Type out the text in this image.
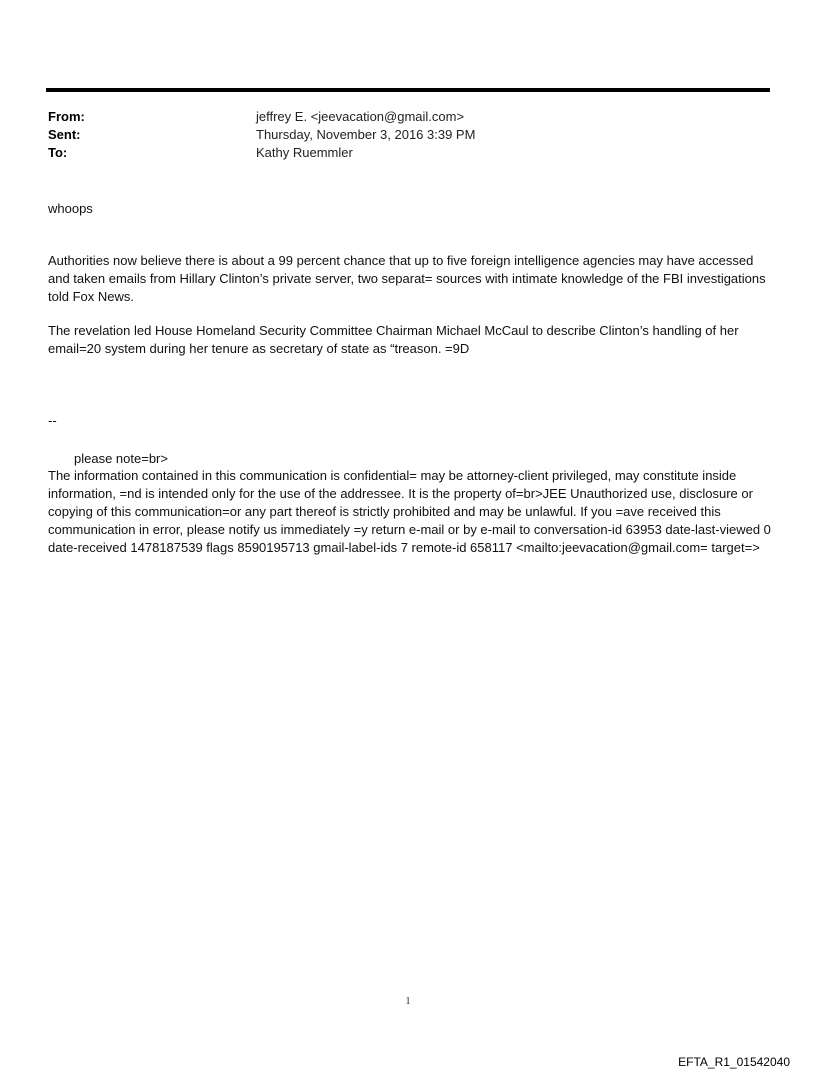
From:	jeffrey E. <jeevacation@gmail.com>
Sent:	Thursday, November 3, 2016 3:39 PM
To:	Kathy Ruemmler
whoops
Authorities now believe there is about a 99 percent chance that up to five foreign intelligence agencies may have accessed and taken emails from Hillary Clinton’s private server, two separat= sources with intimate knowledge of the FBI investigations told Fox News.
The revelation led House Homeland Security Committee Chairman Michael McCaul to describe Clinton’s handling of her email=20 system during her tenure as secretary of state as “treason. =9D
--
please note=br>
The information contained in this communication is confidential= may be attorney-client privileged, may constitute inside information, =nd is intended only for the use of the addressee. It is the property of=br>JEE Unauthorized use, disclosure or copying of this communication=or any part thereof is strictly prohibited and may be unlawful. If you =ave received this communication in error, please notify us immediately =y return e-mail or by e-mail to conversation-id 63953 date-last-viewed 0 date-received 1478187539 flags 8590195713 gmail-label-ids 7 remote-id 658117 <mailto:jeevacation@gmail.com= target=>
1
EFTA_R1_01542040
